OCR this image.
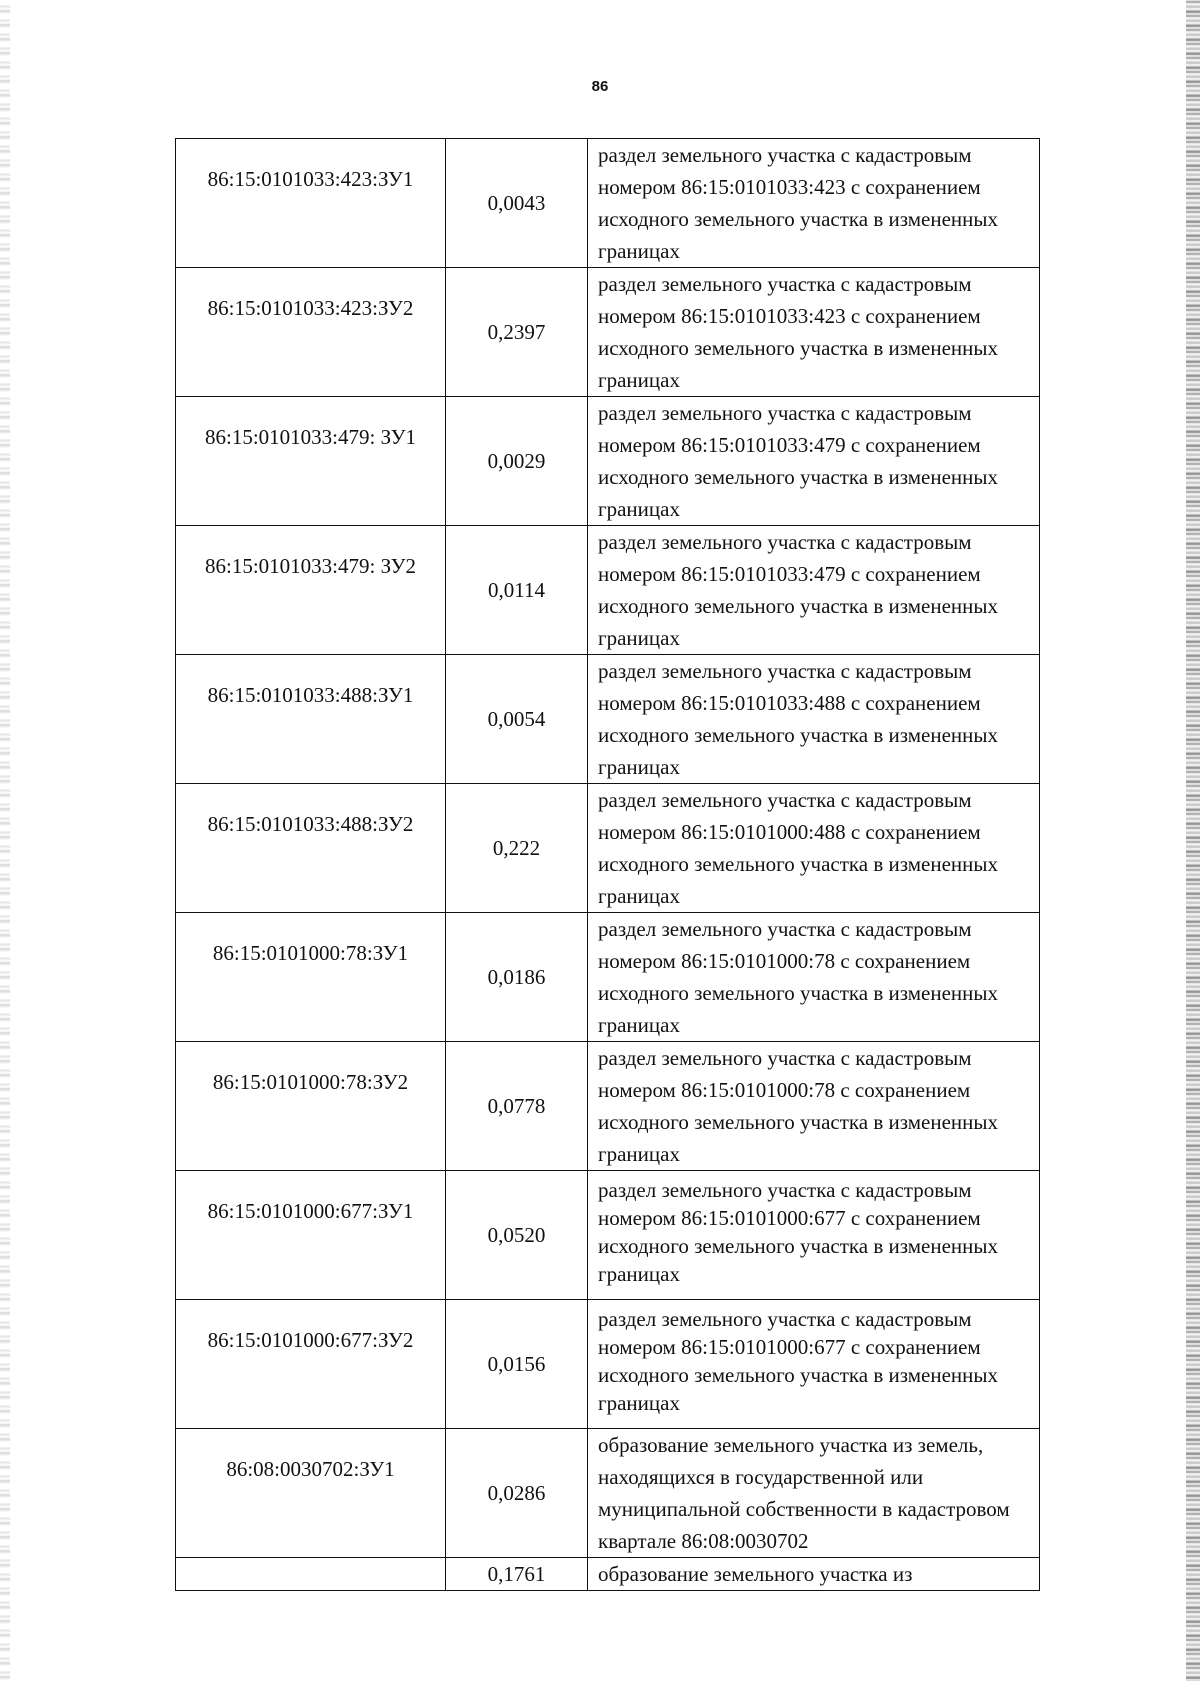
86
86:15:0101033:423:ЗУ1	0,0043	раздел земельного участка с кадастровым номером 86:15:0101033:423 с сохранением исходного земельного участка в измененных границах
86:15:0101033:423:ЗУ2	0,2397	раздел земельного участка с кадастровым номером 86:15:0101033:423 с сохранением исходного земельного участка в измененных границах
86:15:0101033:479: ЗУ1	0,0029	раздел земельного участка с кадастровым номером 86:15:0101033:479 с сохранением исходного земельного участка в измененных границах
86:15:0101033:479: ЗУ2	0,0114	раздел земельного участка с кадастровым номером 86:15:0101033:479 с сохранением исходного земельного участка в измененных границах
86:15:0101033:488:ЗУ1	0,0054	раздел земельного участка с кадастровым номером 86:15:0101033:488 с сохранением исходного земельного участка в измененных границах
86:15:0101033:488:ЗУ2	0,222	раздел земельного участка с кадастровым номером 86:15:0101000:488 с сохранением исходного земельного участка в измененных границах
86:15:0101000:78:ЗУ1	0,0186	раздел земельного участка с кадастровым номером 86:15:0101000:78 с сохранением исходного земельного участка в измененных границах
86:15:0101000:78:ЗУ2	0,0778	раздел земельного участка с кадастровым номером 86:15:0101000:78 с сохранением исходного земельного участка в измененных границах
86:15:0101000:677:ЗУ1	0,0520	раздел земельного участка с кадастровым номером 86:15:0101000:677 с сохранением исходного земельного участка в измененных границах
86:15:0101000:677:ЗУ2	0,0156	раздел земельного участка с кадастровым номером 86:15:0101000:677 с сохранением исходного земельного участка в измененных границах
86:08:0030702:ЗУ1	0,0286	образование земельного участка из земель, находящихся в государственной или муниципальной собственности в кадастровом квартале 86:08:0030702
	0,1761	образование земельного участка из
